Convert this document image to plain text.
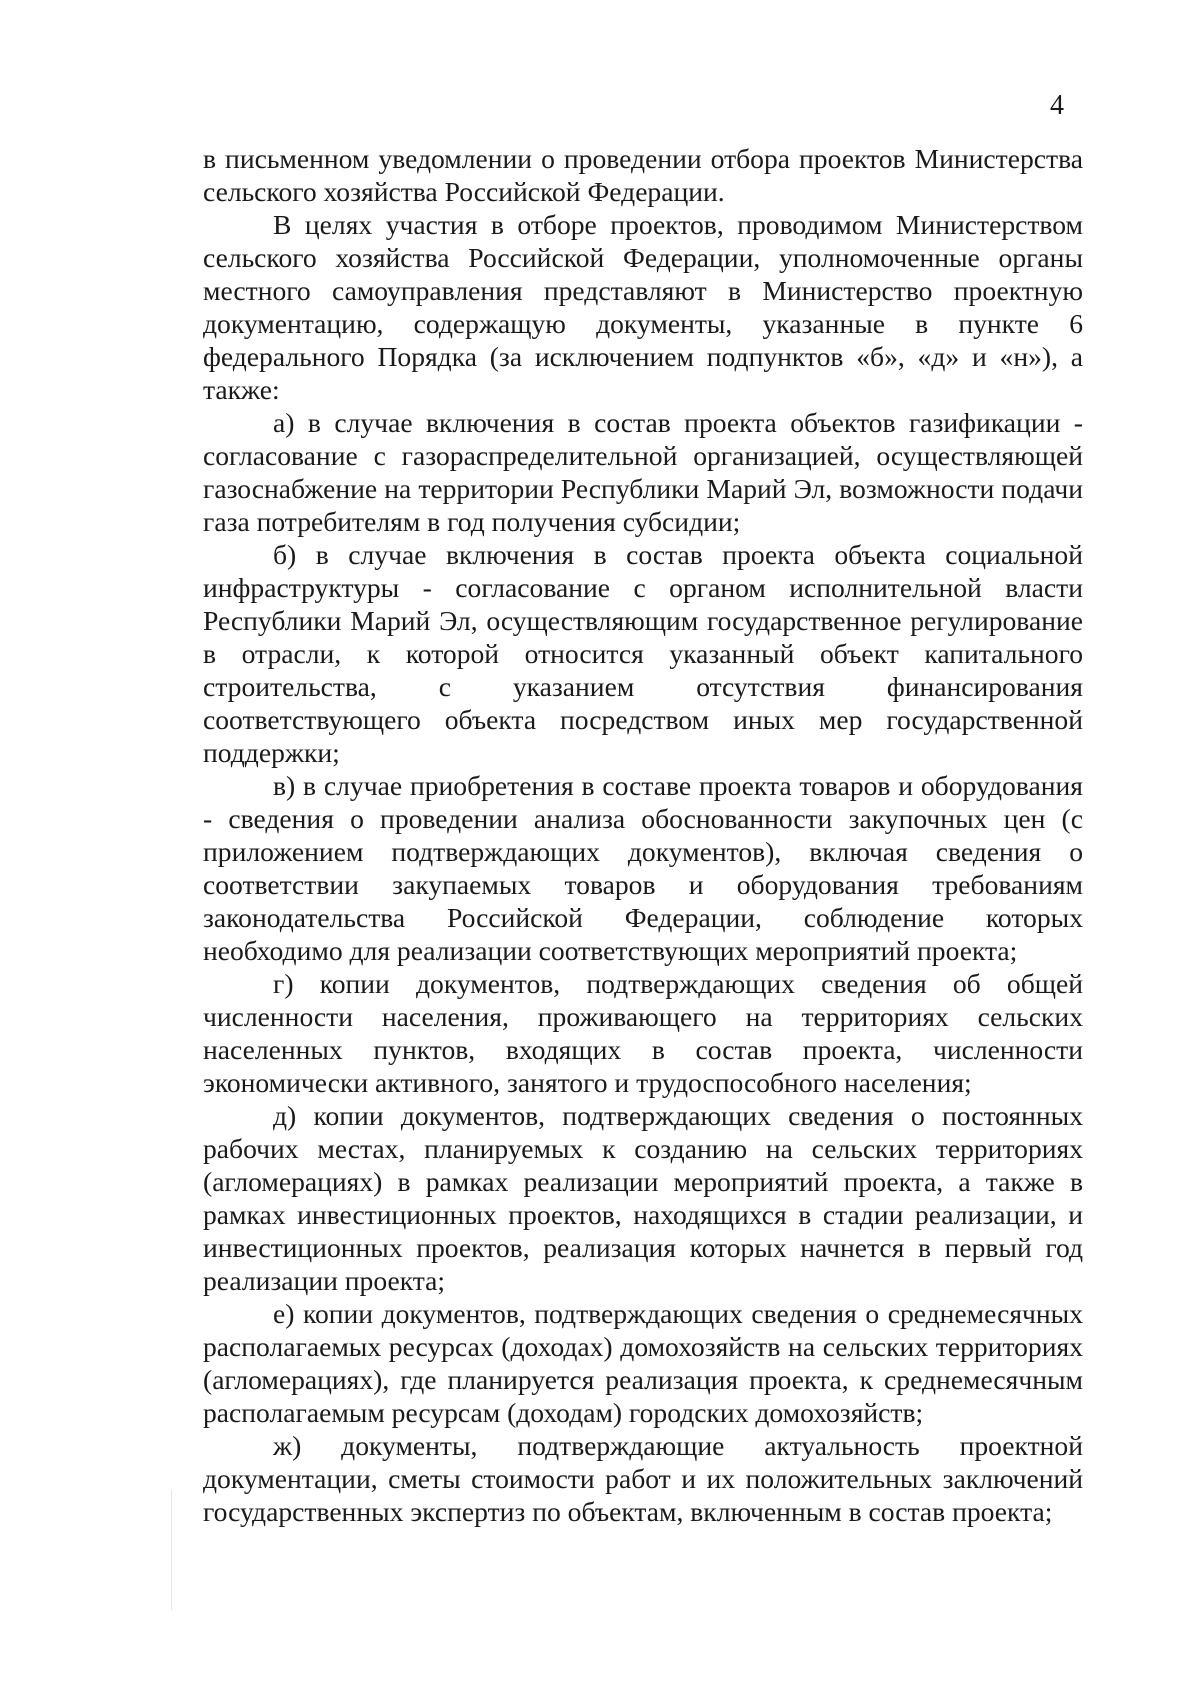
4

в письменном уведомлении о проведении отбора проектов Министерства сельского хозяйства Российской Федерации.

В целях участия в отборе проектов, проводимом Министерством сельского хозяйства Российской Федерации, уполномоченные органы местного самоуправления представляют в Министерство проектную документацию, содержащую документы, указанные в пункте 6 федерального Порядка (за исключением подпунктов «б», «д» и «н»), а также:

а) в случае включения в состав проекта объектов газификации - согласование с газораспределительной организацией, осуществляющей газоснабжение на территории Республики Марий Эл, возможности подачи газа потребителям в год получения субсидии;

б) в случае включения в состав проекта объекта социальной инфраструктуры - согласование с органом исполнительной власти Республики Марий Эл, осуществляющим государственное регулирование в отрасли, к которой относится указанный объект капитального строительства, с указанием отсутствия финансирования соответствующего объекта посредством иных мер государственной поддержки;

в) в случае приобретения в составе проекта товаров и оборудования - сведения о проведении анализа обоснованности закупочных цен (с приложением подтверждающих документов), включая сведения о соответствии закупаемых товаров и оборудования требованиям законодательства Российской Федерации, соблюдение которых необходимо для реализации соответствующих мероприятий проекта;

г) копии документов, подтверждающих сведения об общей численности населения, проживающего на территориях сельских населенных пунктов, входящих в состав проекта, численности экономически активного, занятого и трудоспособного населения;

д) копии документов, подтверждающих сведения о постоянных рабочих местах, планируемых к созданию на сельских территориях (агломерациях) в рамках реализации мероприятий проекта, а также в рамках инвестиционных проектов, находящихся в стадии реализации, и инвестиционных проектов, реализация которых начнется в первый год реализации проекта;

е) копии документов, подтверждающих сведения о среднемесячных располагаемых ресурсах (доходах) домохозяйств на сельских территориях (агломерациях), где планируется реализация проекта, к среднемесячным располагаемым ресурсам (доходам) городских домохозяйств;

ж) документы, подтверждающие актуальность проектной документации, сметы стоимости работ и их положительных заключений государственных экспертиз по объектам, включенным в состав проекта;
